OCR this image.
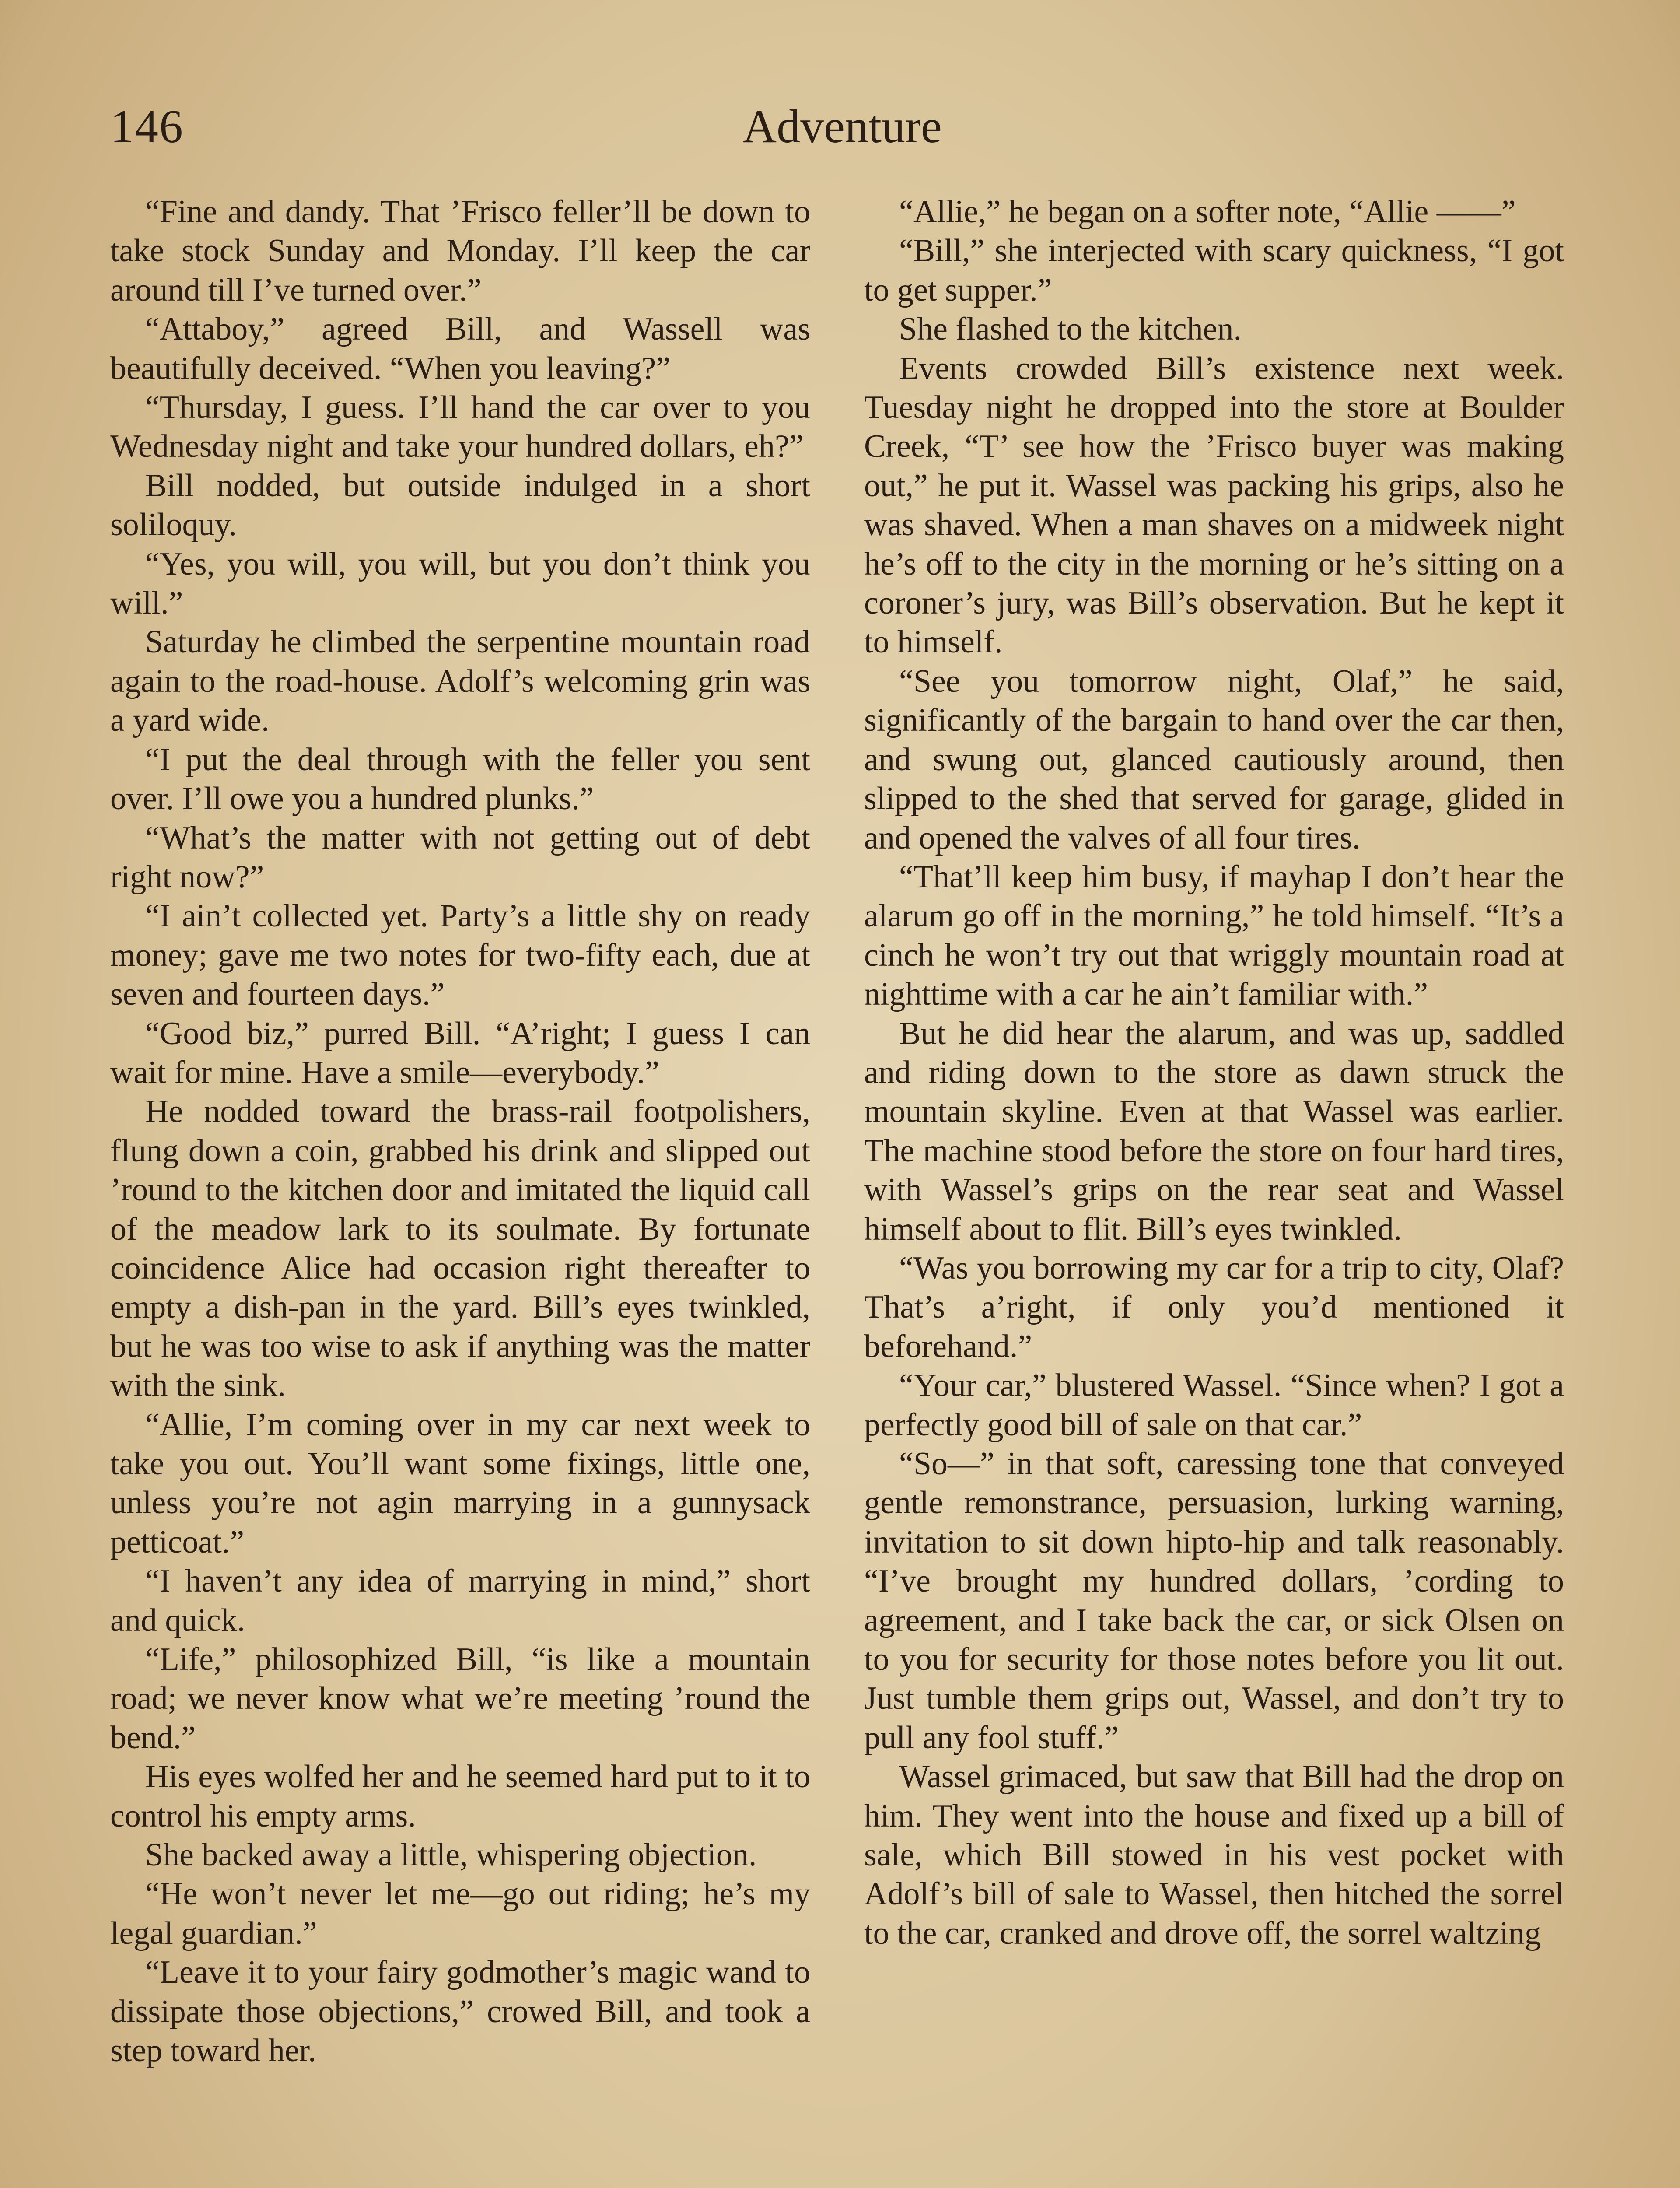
146	Adventure

“Fine and dandy. That ’Frisco feller’ll be down to take stock Sunday and Monday. I’ll keep the car around till I’ve turned over.”

“Attaboy,” agreed Bill, and Wassell was beautifully deceived. “When you leaving?”

“Thursday, I guess. I’ll hand the car over to you Wednesday night and take your hundred dollars, eh?”

Bill nodded, but outside indulged in a short soliloquy.

“Yes, you will, you will, but you don’t think you will.”

Saturday he climbed the serpentine mountain road again to the road-house. Adolf’s welcoming grin was a yard wide.

“I put the deal through with the feller you sent over. I’ll owe you a hundred plunks.”

“What’s the matter with not getting out of debt right now?”

“I ain’t collected yet. Party’s a little shy on ready money; gave me two notes for two-fifty each, due at seven and fourteen days.”

“Good biz,” purred Bill. “A’right; I guess I can wait for mine. Have a smile—everybody.”

He nodded toward the brass-rail footpolishers, flung down a coin, grabbed his drink and slipped out ’round to the kitchen door and imitated the liquid call of the meadow lark to its soulmate. By fortunate coincidence Alice had occasion right thereafter to empty a dish-pan in the yard. Bill’s eyes twinkled, but he was too wise to ask if anything was the matter with the sink.

“Allie, I’m coming over in my car next week to take you out. You’ll want some fixings, little one, unless you’re not agin marrying in a gunnysack petticoat.”

“I haven’t any idea of marrying in mind,” short and quick.

“Life,” philosophized Bill, “is like a mountain road; we never know what we’re meeting ’round the bend.”

His eyes wolfed her and he seemed hard put to it to control his empty arms.

She backed away a little, whispering objection.

“He won’t never let me—go out riding; he’s my legal guardian.”

“Leave it to your fairy godmother’s magic wand to dissipate those objections,” crowed Bill, and took a step toward her.

“Allie,” he began on a softer note, “Allie ——”

“Bill,” she interjected with scary quickness, “I got to get supper.”

She flashed to the kitchen.

Events crowded Bill’s existence next week. Tuesday night he dropped into the store at Boulder Creek, “T’ see how the ’Frisco buyer was making out,” he put it. Wassel was packing his grips, also he was shaved. When a man shaves on a midweek night he’s off to the city in the morning or he’s sitting on a coroner’s jury, was Bill’s observation. But he kept it to himself.

“See you tomorrow night, Olaf,” he said, significantly of the bargain to hand over the car then, and swung out, glanced cautiously around, then slipped to the shed that served for garage, glided in and opened the valves of all four tires.

“That’ll keep him busy, if mayhap I don’t hear the alarum go off in the morning,” he told himself. “It’s a cinch he won’t try out that wriggly mountain road at nighttime with a car he ain’t familiar with.”

But he did hear the alarum, and was up, saddled and riding down to the store as dawn struck the mountain skyline. Even at that Wassel was earlier. The machine stood before the store on four hard tires, with Wassel’s grips on the rear seat and Wassel himself about to flit. Bill’s eyes twinkled.

“Was you borrowing my car for a trip to city, Olaf? That’s a’right, if only you’d mentioned it beforehand.”

“Your car,” blustered Wassel. “Since when? I got a perfectly good bill of sale on that car.”

“So—” in that soft, caressing tone that conveyed gentle remonstrance, persuasion, lurking warning, invitation to sit down hipto-hip and talk reasonably. “I’ve brought my hundred dollars, ’cording to agreement, and I take back the car, or sick Olsen on to you for security for those notes before you lit out. Just tumble them grips out, Wassel, and don’t try to pull any fool stuff.”

Wassel grimaced, but saw that Bill had the drop on him. They went into the house and fixed up a bill of sale, which Bill stowed in his vest pocket with Adolf’s bill of sale to Wassel, then hitched the sorrel to the car, cranked and drove off, the sorrel waltzing
